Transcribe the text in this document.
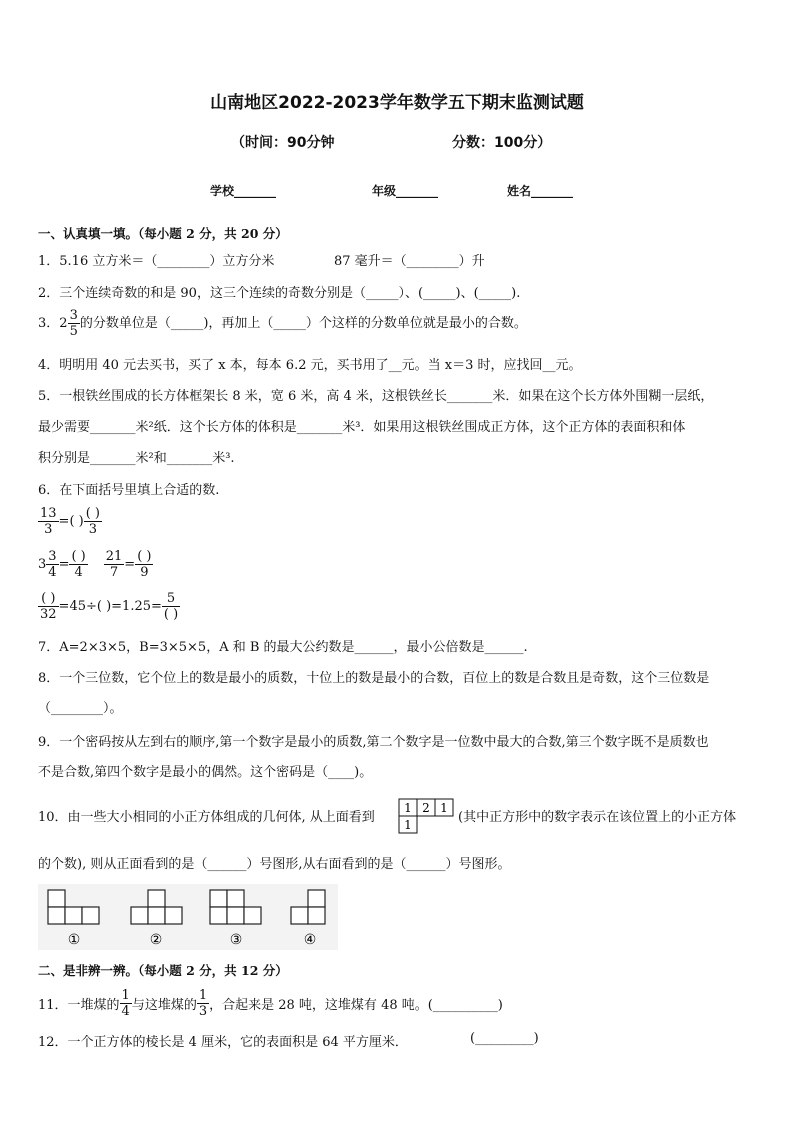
山南地区2022-2023学年数学五下期末监测试题
（时间：90分钟	分数：100分）
学校_______	年级_______	姓名_______
一、认真填一填。（每小题 2 分，共 20 分）
1．5.16 立方米＝（________）立方分米	87 毫升＝（________）升
2．三个连续奇数的和是 90，这三个连续的奇数分别是（_____）、(_____)、(_____).
3．$2 \frac{3}{5}$ 的分数单位是（_____)，再加上（_____）个这样的分数单位就是最小的合数。
4．明明用 40 元去买书，买了 x 本，每本 6.2 元，买书用了__元。当 x＝3 时，应找回__元。
5．一根铁丝围成的长方体框架长 8 米，宽 6 米，高 4 米，这根铁丝长_______米．如果在这个长方体外围糊一层纸，
最少需要_______米²纸．这个长方体的体积是_______米³．如果用这根铁丝围成正方体，这个正方体的表面积和体
积分别是_______米²和_______米³.
6．在下面括号里填上合适的数.
$\frac{13}{3}$ =( ) $\frac{( )}{3}$
$3 \frac{3}{4} = \frac{( )}{4} \frac{21}{7} = \frac{( )}{9}$
$\frac{( )}{32} =45\div$( )$=1.25= \frac{5}{( )}$
7．A=2×3×5，B=3×5×5，A 和 B 的最大公约数是______，最小公倍数是______.
8．一个三位数，它个位上的数是最小的质数，十位上的数是最小的合数，百位上的数是合数且是奇数，这个三位数是
（________）。
9．一个密码按从左到右的顺序,第一个数字是最小的质数,第二个数字是一位数中最大的合数,第三个数字既不是质数也
不是合数,第四个数字是最小的偶然。这个密码是（____)。
10．由一些大小相同的小正方体组成的几何体, 从上面看到
1 2 1
1	(其中正方形中的数字表示在该位置上的小正方体
的个数), 则从正面看到的是（______）号图形,从右面看到的是（______）号图形。
①	②	③	④
二、是非辨一辨。（每小题 2 分，共 12 分）
11．一堆煤的 $\frac{1}{4}$ 与这堆煤的 $\frac{1}{3}$ ，合起来是 28 吨，这堆煤有 48 吨。(__________)
12．一个正方体的棱长是 4 厘米，它的表面积是 64 平方厘米．	(_________)
